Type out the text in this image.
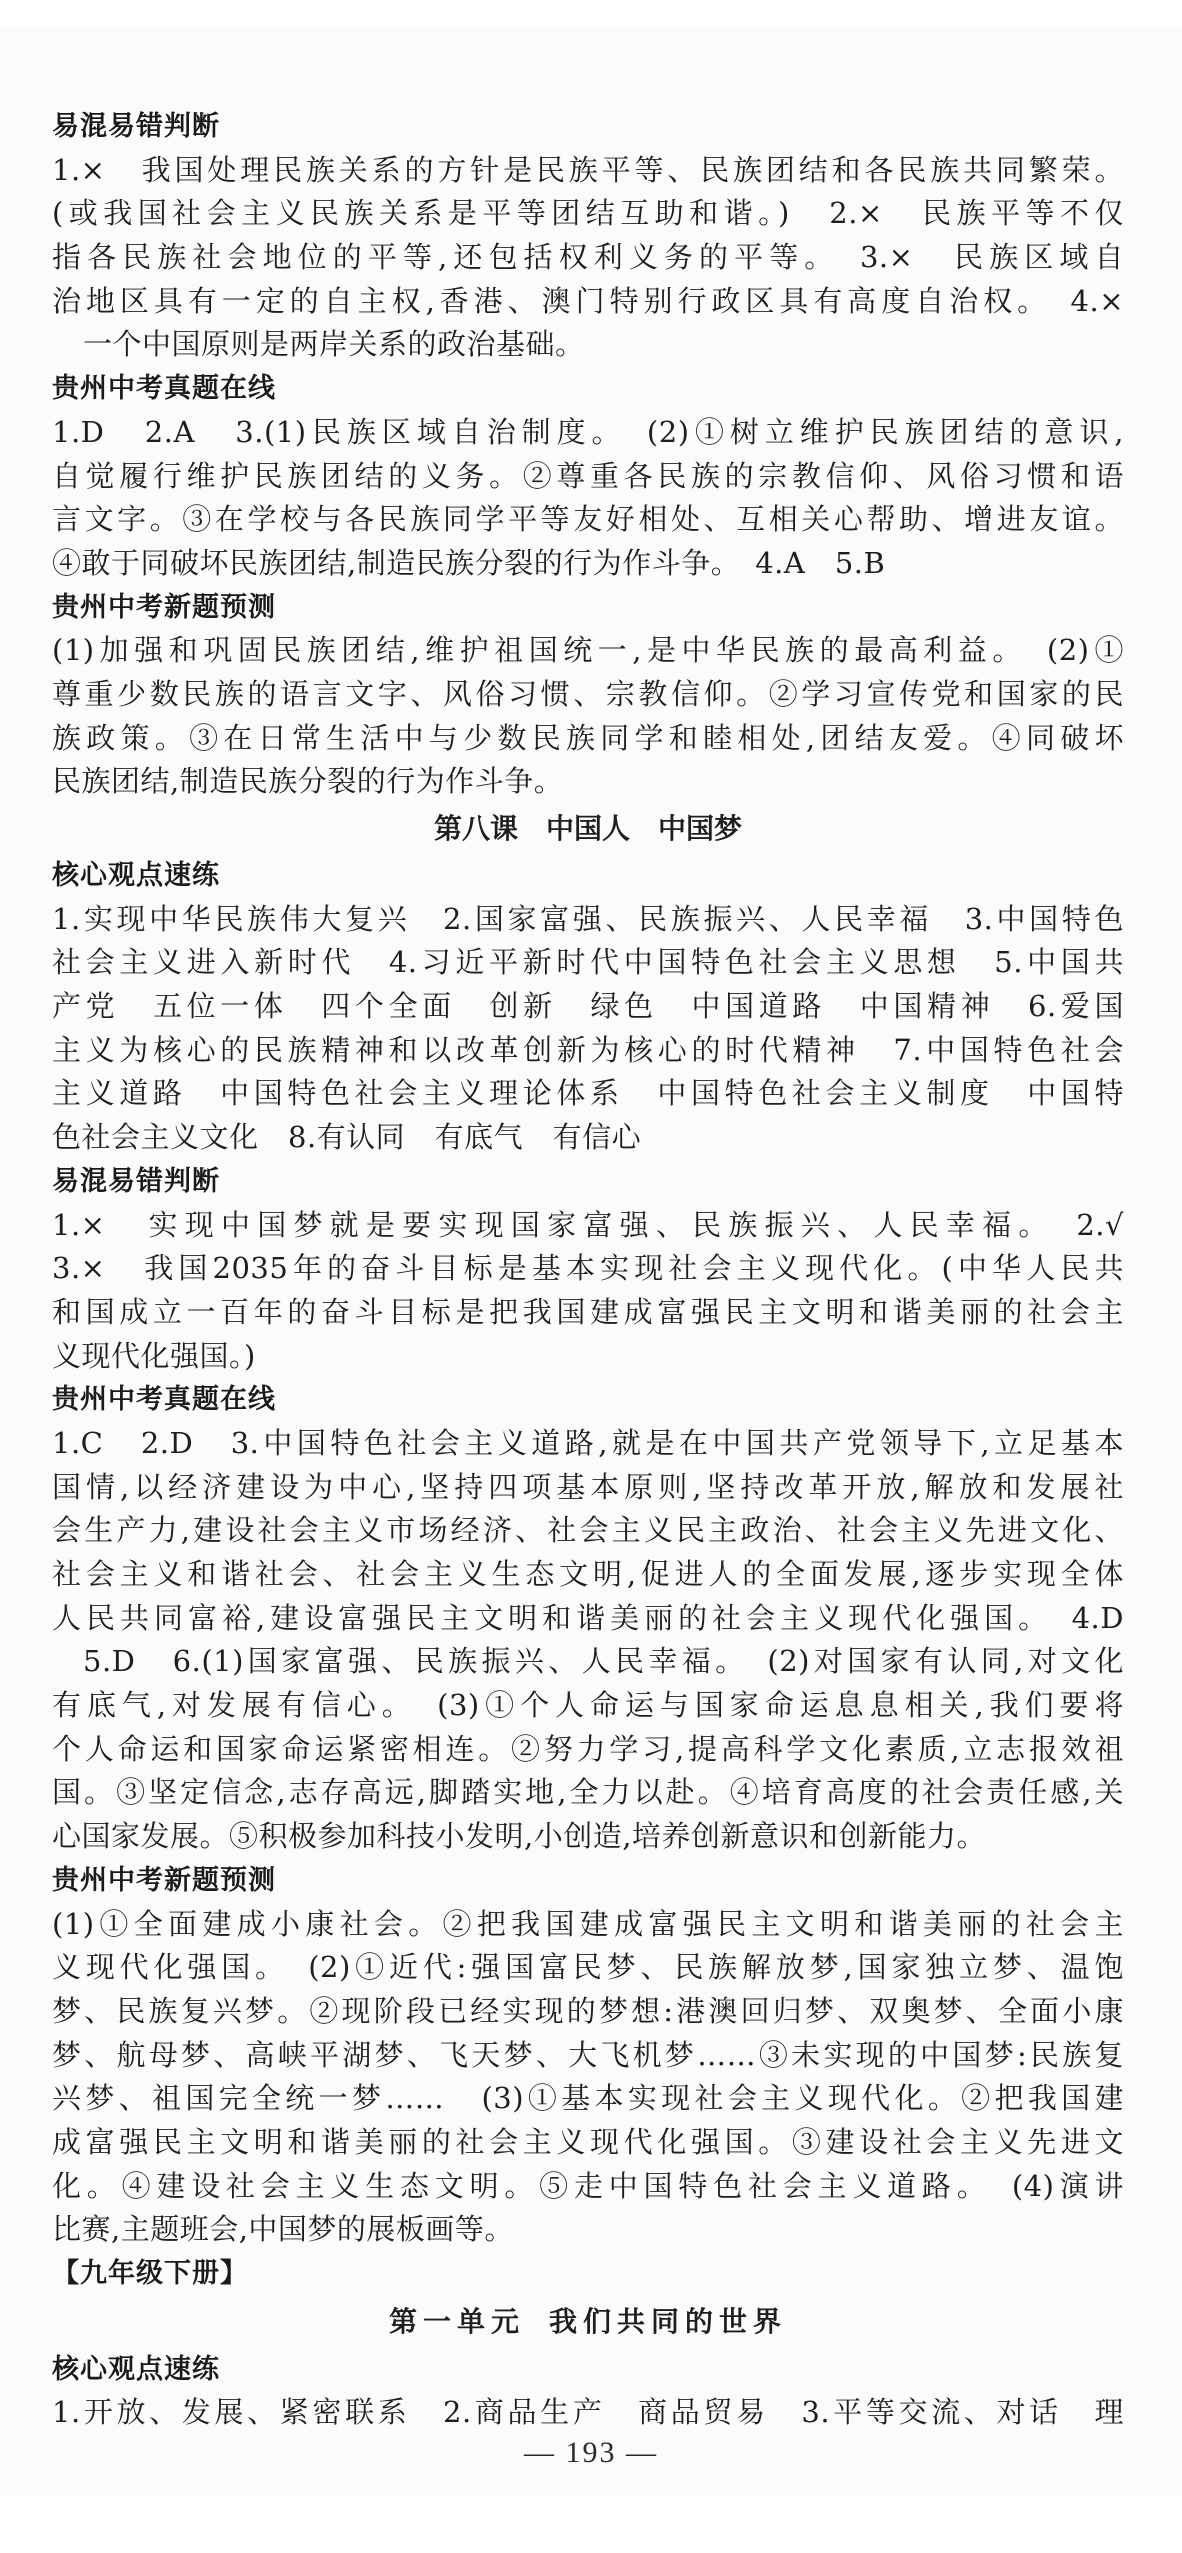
易混易错判断
1.×　我国处理民族关系的方针是民族平等、民族团结和各民族共同繁荣。
(或我国社会主义民族关系是平等团结互助和谐。)　2.×　民族平等不仅
指各民族社会地位的平等,还包括权利义务的平等。　3.×　民族区域自
治地区具有一定的自主权,香港、澳门特别行政区具有高度自治权。　4.×
一个中国原则是两岸关系的政治基础。
贵州中考真题在线
1.D　2.A　3.(1)民族区域自治制度。　(2)①树立维护民族团结的意识,
自觉履行维护民族团结的义务。②尊重各民族的宗教信仰、风俗习惯和语
言文字。③在学校与各民族同学平等友好相处、互相关心帮助、增进友谊。
④敢于同破坏民族团结,制造民族分裂的行为作斗争。　4.A　5.B
贵州中考新题预测
(1)加强和巩固民族团结,维护祖国统一,是中华民族的最高利益。　(2)①
尊重少数民族的语言文字、风俗习惯、宗教信仰。②学习宣传党和国家的民
族政策。③在日常生活中与少数民族同学和睦相处,团结友爱。④同破坏
民族团结,制造民族分裂的行为作斗争。
第八课 中国人 中国梦
核心观点速练
1.实现中华民族伟大复兴　2.国家富强、民族振兴、人民幸福　3.中国特色
社会主义进入新时代　4.习近平新时代中国特色社会主义思想　5.中国共
产党　五位一体　四个全面　创新　绿色　中国道路　中国精神　6.爱国
主义为核心的民族精神和以改革创新为核心的时代精神　7.中国特色社会
主义道路　中国特色社会主义理论体系　中国特色社会主义制度　中国特
色社会主义文化　8.有认同　有底气　有信心
易混易错判断
1.×　实现中国梦就是要实现国家富强、民族振兴、人民幸福。　2.√
3.×　我国2035年的奋斗目标是基本实现社会主义现代化。(中华人民共
和国成立一百年的奋斗目标是把我国建成富强民主文明和谐美丽的社会主
义现代化强国。)
贵州中考真题在线
1.C　2.D　3.中国特色社会主义道路,就是在中国共产党领导下,立足基本
国情,以经济建设为中心,坚持四项基本原则,坚持改革开放,解放和发展社
会生产力,建设社会主义市场经济、社会主义民主政治、社会主义先进文化、
社会主义和谐社会、社会主义生态文明,促进人的全面发展,逐步实现全体
人民共同富裕,建设富强民主文明和谐美丽的社会主义现代化强国。　4.D
5.D　6.(1)国家富强、民族振兴、人民幸福。　(2)对国家有认同,对文化
有底气,对发展有信心。　(3)①个人命运与国家命运息息相关,我们要将
个人命运和国家命运紧密相连。②努力学习,提高科学文化素质,立志报效祖
国。③坚定信念,志存高远,脚踏实地,全力以赴。④培育高度的社会责任感,关
心国家发展。⑤积极参加科技小发明,小创造,培养创新意识和创新能力。
贵州中考新题预测
(1)①全面建成小康社会。②把我国建成富强民主文明和谐美丽的社会主
义现代化强国。　(2)①近代:强国富民梦、民族解放梦,国家独立梦、温饱
梦、民族复兴梦。②现阶段已经实现的梦想:港澳回归梦、双奥梦、全面小康
梦、航母梦、高峡平湖梦、飞天梦、大飞机梦……③未实现的中国梦:民族复
兴梦、祖国完全统一梦……　(3)①基本实现社会主义现代化。②把我国建
成富强民主文明和谐美丽的社会主义现代化强国。③建设社会主义先进文
化。④建设社会主义生态文明。⑤走中国特色社会主义道路。　(4)演讲
比赛,主题班会,中国梦的展板画等。
【九年级下册】
第一单元 我们共同的世界
核心观点速练
1.开放、发展、紧密联系　2.商品生产　商品贸易　3.平等交流、对话　理
— 193 —
